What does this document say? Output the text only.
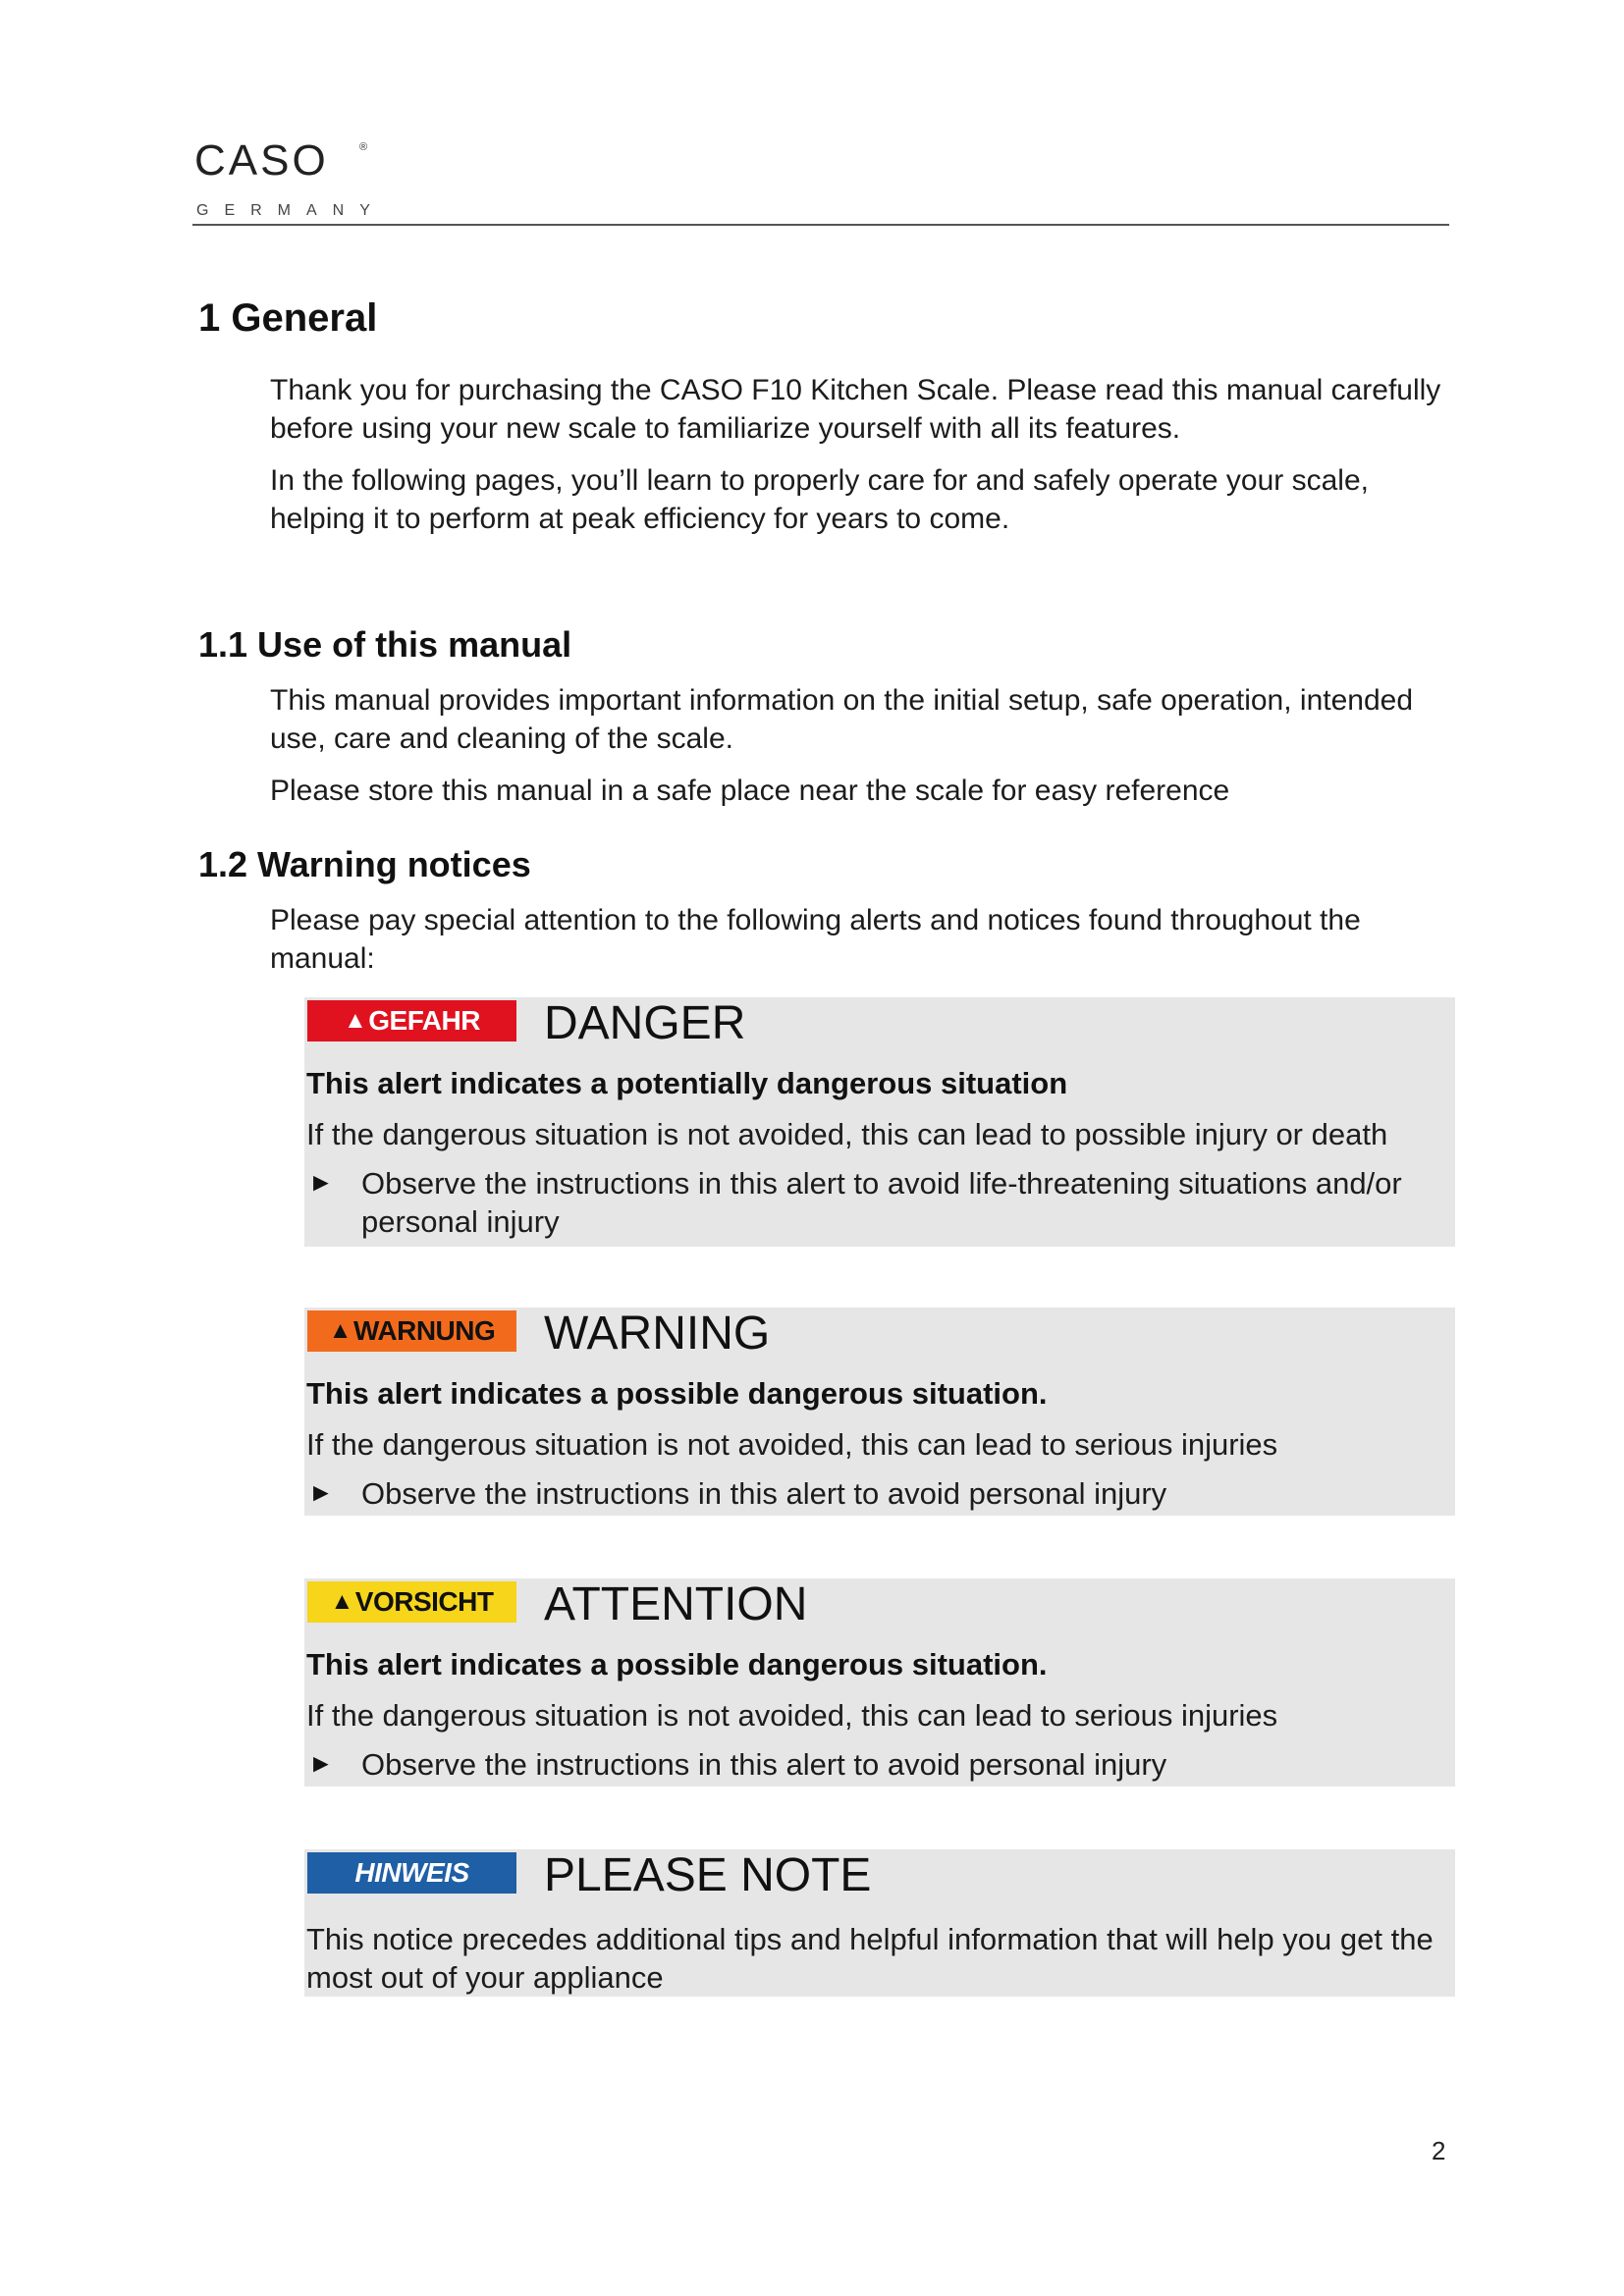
CASO	®
GERMANY
1 General
Thank you for purchasing the CASO F10 Kitchen Scale. Please read this manual carefully before using your new scale to familiarize yourself with all its features.
In the following pages, you’ll learn to properly care for and safely operate your scale, helping it to perform at peak efficiency for years to come.
1.1 Use of this manual
This manual provides important information on the initial setup, safe operation, intended use, care and cleaning of the scale.
Please store this manual in a safe place near the scale for easy reference
1.2 Warning notices
Please pay special attention to the following alerts and notices found throughout the manual:
▲ GEFAHR DANGER
This alert indicates a potentially dangerous situation
If the dangerous situation is not avoided, this can lead to possible injury or death
► Observe the instructions in this alert to avoid life-threatening situations and/or personal injury
▲ WARNUNG WARNING
This alert indicates a possible dangerous situation.
If the dangerous situation is not avoided, this can lead to serious injuries
► Observe the instructions in this alert to avoid personal injury
▲ VORSICHT ATTENTION
This alert indicates a possible dangerous situation.
If the dangerous situation is not avoided, this can lead to serious injuries
► Observe the instructions in this alert to avoid personal injury
HINWEIS PLEASE NOTE
This notice precedes additional tips and helpful information that will help you get the most out of your appliance
2
